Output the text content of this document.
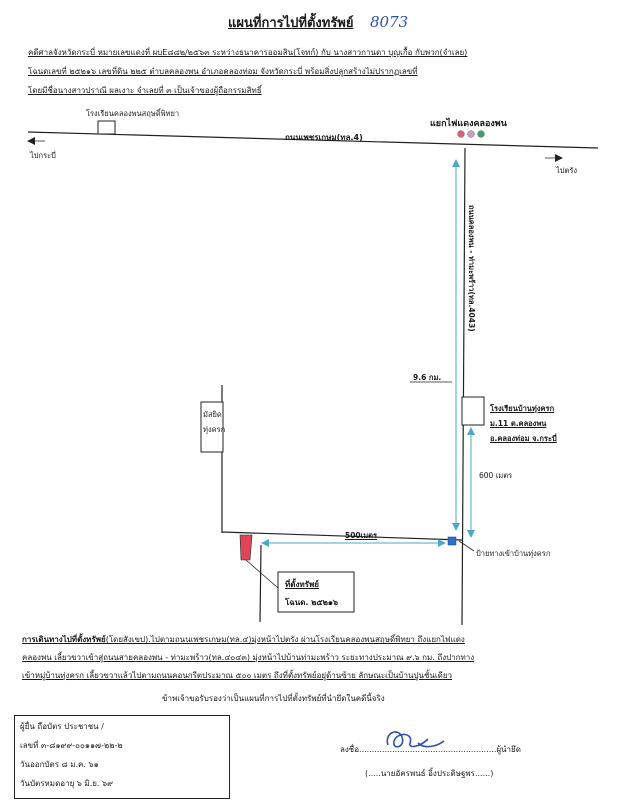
แผนที่การไปที่ตั้งทรัพย์ 8073
คดีศาลจังหวัดกระบี่ หมายเลขแดงที่ ผบE๘๘๒/๒๕๖๓ ระหว่างธนาคารออมสิน(โจทก์) กับ นางสาวกานดา บุญเกื้อ กับพวก(จำเลย)
โฉนดเลขที่ ๒๕๒๑๖ เลขที่ดิน ๒๒๕ ตำบลคลองพน อำเภอคลองท่อม จังหวัดกระบี่ พร้อมสิ่งปลูกสร้างไม่ปรากฏเลขที่
โดยมีชื่อนางสาวปราณี ผลเงาะ จำเลยที่ ๓ เป็นเจ้าของผู้ถือกรรมสิทธิ์
โรงเรียนคลองพนสฤษดิ์พิทยา
แยกไฟแดงคลองพน
ถนนเพชรเกษม(ทล.4)
ไปกระบี่
ไปตรัง
ถนนคลองพน - ท่ามะพร้าว(ทล.4043)
9.6 กม.
โรงเรียนบ้านทุ่งครก
ม.11 ต.คลองพน
อ.คลองท่อม จ.กระบี่
600 เมตร
มัสยิด
ทุ่งครก
500เมตร
ป้ายทางเข้าบ้านทุ่งครก
ที่ตั้งทรัพย์
โฉนด. ๒๕๒๑๖
การเดินทางไปที่ตั้งทรัพย์(โดยสังเขป).ไปตามถนนเพชรเกษม(ทล.๔)มุ่งหน้าไปตรัง ผ่านโรงเรียนคลองพนสฤษดิ์พิทยา ถึงแยกไฟแดง
คลองพน เลี้ยวขวาเข้าสู่ถนนสายคลองพน - ท่ามะพร้าว(ทล.๔๐๔๓) มุ่งหน้าไปบ้านท่ามะพร้าว ระยะทางประมาณ ๙.๖ กม. ถึงปากทาง
เข้าหมู่บ้านทุ่งครก เลี้ยวขวาแล้วไปตามถนนคอนกรีตประมาณ ๕๐๐ เมตร ถึงที่ตั้งทรัพย์อยู่ด้านซ้าย ลักษณะเป็นบ้านปูนชั้นเดียว
ข้าพเจ้าขอรับรองว่าเป็นแผนที่การไปที่ตั้งทรัพย์ที่นำยึดในคดีนี้จริง
ผู้ยื่น ถือบัตร ประชาชน /
เลขที่ ๓-๘๑๙๙-๐๐๑๑๗-๒๒-๒
วันออกบัตร ๘ ม.ค. ๖๑
วันบัตรหมดอายุ ๖ มิ.ย. ๖๙
ลงชื่อ......................................................ผู้นำยึด
(.....นายอัครพนธ์ อิ้งประดิษฐพร......)
